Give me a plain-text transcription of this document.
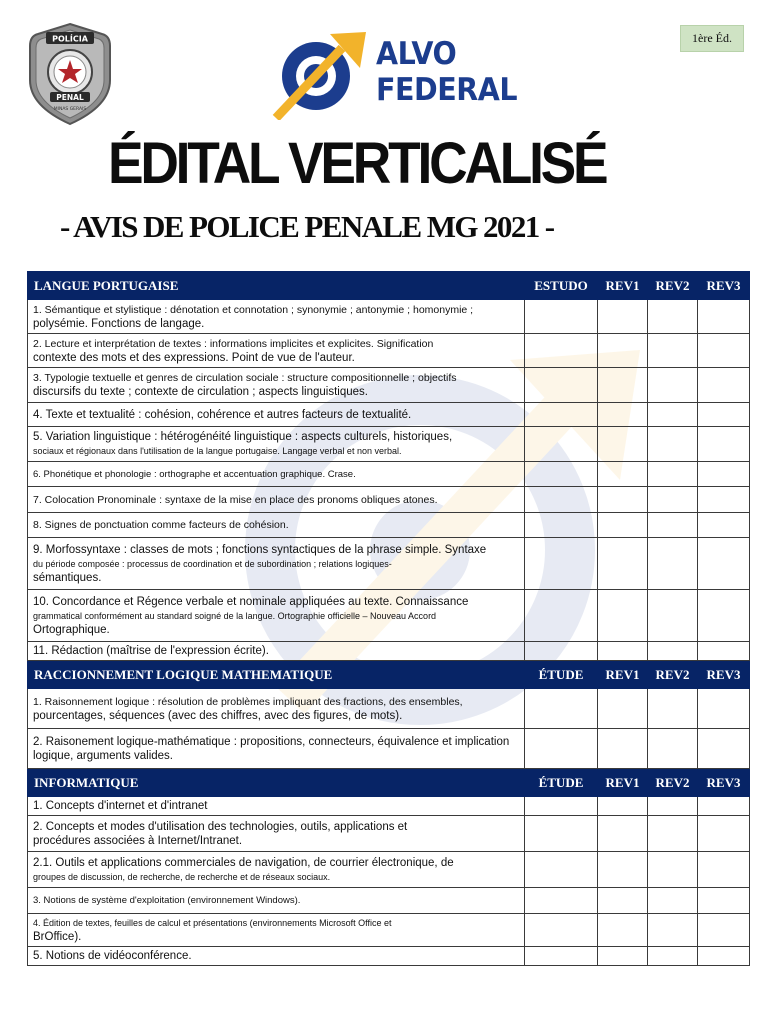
POLÍCIA
PENAL
MINAS GERAIS
1ère Éd.
ALVO
FEDERAL
ÉDITAL VERTICALISÉ
- AVIS DE POLICE PENALE MG 2021 -
LANGUE PORTUGAISE	ESTUDO	REV1	REV2	REV3
1. Sémantique et stylistique : dénotation et connotation ; synonymie ; antonymie ; homonymie ;
polysémie. Fonctions de langage.				
2. Lecture et interprétation de textes : informations implicites et explicites. Signification
contexte des mots et des expressions. Point de vue de l'auteur.				
3. Typologie textuelle et genres de circulation sociale : structure compositionnelle ; objectifs
discursifs du texte ; contexte de circulation ; aspects linguistiques.				
4. Texte et textualité : cohésion, cohérence et autres facteurs de textualité.				
5. Variation linguistique : hétérogénéité linguistique : aspects culturels, historiques,
sociaux et régionaux dans l'utilisation de la langue portugaise. Langage verbal et non verbal.				
6. Phonétique et phonologie : orthographe et accentuation graphique. Crase.				
7. Colocation Pronominale : syntaxe de la mise en place des pronoms obliques atones.				
8. Signes de ponctuation comme facteurs de cohésion.				
9. Morfossyntaxe : classes de mots ; fonctions syntactiques de la phrase simple. Syntaxe
du période composée : processus de coordination et de subordination ; relations logiques-
sémantiques.				
10. Concordance et Régence verbale et nominale appliquées au texte. Connaissance
grammatical conformément au standard soigné de la langue. Ortographie officielle – Nouveau Accord
Ortographique.				
11. Rédaction (maîtrise de l'expression écrite).				
RACCIONNEMENT LOGIQUE MATHEMATIQUE	ÉTUDE	REV1	REV2	REV3
1. Raisonnement logique : résolution de problèmes impliquant des fractions, des ensembles,
pourcentages, séquences (avec des chiffres, avec des figures, de mots).				
2. Raisonement logique-mathématique : propositions, connecteurs, équivalence et implication
logique, arguments valides.				
INFORMATIQUE	ÉTUDE	REV1	REV2	REV3
1. Concepts d'internet et d'intranet				
2. Concepts et modes d'utilisation des technologies, outils, applications et
procédures associées à Internet/Intranet.				
2.1. Outils et applications commerciales de navigation, de courrier électronique, de
groupes de discussion, de recherche, de recherche et de réseaux sociaux.				
3. Notions de système d'exploitation (environnement Windows).				
4. Édition de textes, feuilles de calcul et présentations (environnements Microsoft Office et
BrOffice).				
5. Notions de vidéoconférence.				
